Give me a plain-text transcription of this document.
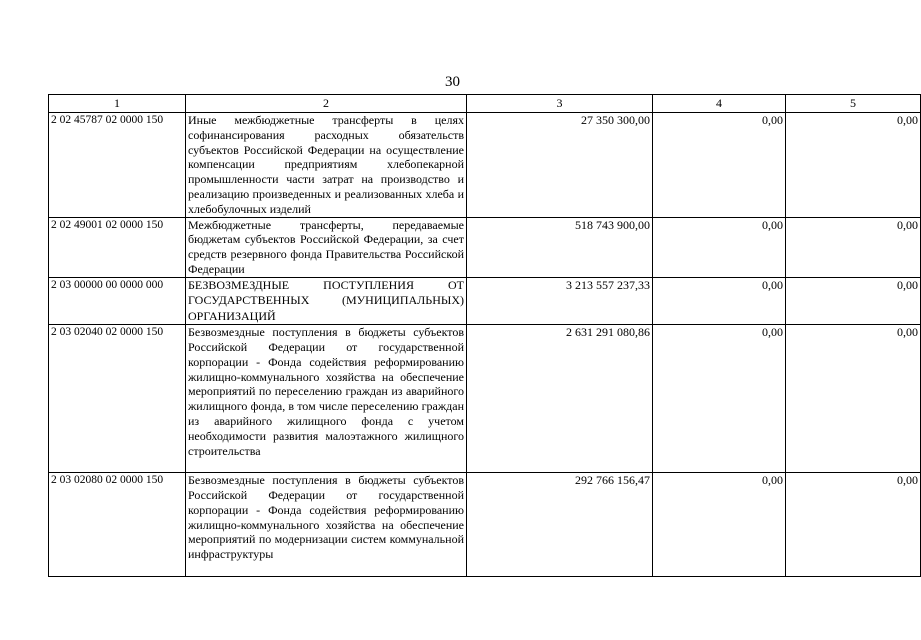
30
1	2	3	4	5
2 02 45787 02 0000 150	Иные межбюджетные трансферты в целях софинансирования расходных обязательств субъектов Российской Федерации на осуществление компенсации предприятиям хлебопекарной промышленности части затрат на производство и реализацию произведенных и реализованных хлеба и хлебобулочных изделий	27 350 300,00	0,00	0,00
2 02 49001 02 0000 150	Межбюджетные трансферты, передаваемые бюджетам субъектов Российской Федерации, за счет средств резервного фонда Правительства Российской Федерации	518 743 900,00	0,00	0,00
2 03 00000 00 0000 000	БЕЗВОЗМЕЗДНЫЕ ПОСТУПЛЕНИЯ ОТ ГОСУДАРСТВЕННЫХ (МУНИЦИПАЛЬНЫХ) ОРГАНИЗАЦИЙ	3 213 557 237,33	0,00	0,00
2 03 02040 02 0000 150	Безвозмездные поступления в бюджеты субъектов Российской Федерации от государственной корпорации - Фонда содействия реформированию жилищно-коммунального хозяйства на обеспечение мероприятий по переселению граждан из аварийного жилищного фонда, в том числе переселению граждан из аварийного жилищного фонда с учетом необходимости развития малоэтажного жилищного строительства	2 631 291 080,86	0,00	0,00
2 03 02080 02 0000 150	Безвозмездные поступления в бюджеты субъектов Российской Федерации от государственной корпорации - Фонда содействия реформированию жилищно-коммунального хозяйства на обеспечение мероприятий по модернизации систем коммунальной инфраструктуры	292 766 156,47	0,00	0,00
